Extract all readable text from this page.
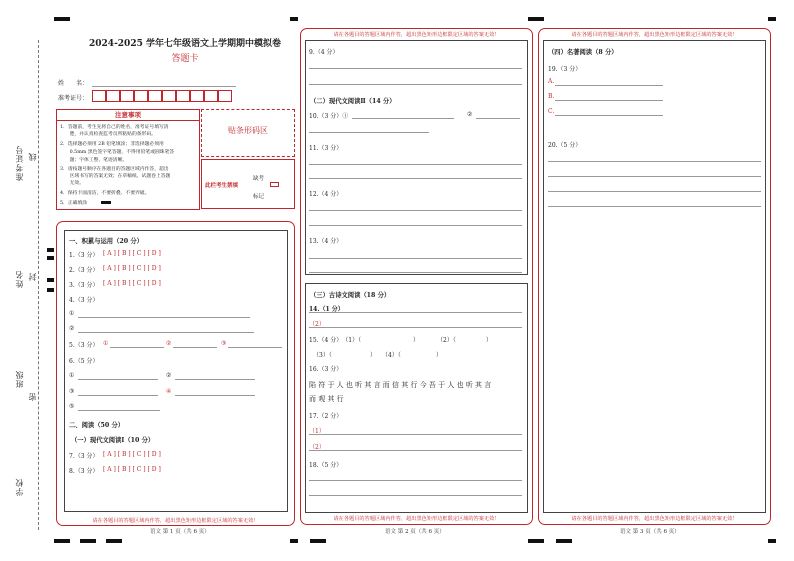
准考证号 线
姓名 封
班级
密
学校
2024-2025 学年七年级语文上学期期中模拟卷
答题卡
姓　　名：
准考证号：
注意事项
1．答题前，考生先将自己的姓名，准考证号填写清
　　楚，并认真检查监考员所粘贴的条形码。
2．选择题必须用 2B 铅笔填涂；非选择题必须用
　　0.5mm 黑色签字笔答题，不得用铅笔或圆珠笔答
　　题；字体工整、笔迹清晰。
3．请按题号顺序在各题目的答题区域内作答，超出
　　区域书写的答案无效；在草稿纸、试题卷上答题
　　无效。
4．保持卡面清洁，不要折叠、不要弄破。
5．正确填涂
贴条形码区
此栏考生禁填
缺考
标记
请在各题目的答题区域内作答，超出黑色矩形边框限定区域的答案无效！
语文 第 1 页（共 6 页）
一、积累与运用（20 分）
1.（3 分） [ A ] [ B ] [ C ] [ D ]
2.（3 分） [ A ] [ B ] [ C ] [ D ]
3.（3 分） [ A ] [ B ] [ C ] [ D ]
4.（3 分）
①
②
5.（3 分） ①	②	③
6.（5 分）
①	②
③	④
⑤
二、阅读（50 分）
（一）现代文阅读Ⅰ（10 分）
7.（3 分） [ A ] [ B ] [ C ] [ D ]
8.（3 分） [ A ] [ B ] [ C ] [ D ]
请在各题目的答题区域内作答，超出黑色矩形边框限定区域的答案无效！
请在各题目的答题区域内作答，超出黑色矩形边框限定区域的答案无效！
语文 第 2 页（共 6 页）
9.（4 分）
（二）现代文阅读Ⅱ（14 分）
10.（3 分）①	②
11.（3 分）
12.（4 分）
13.（4 分）
（三）古诗文阅读（18 分）
14.（1 分）
（2）
15.（4 分）　（1）（	）　　　　（2）（	）
（3）（	）　　（4）（	）
16.（3 分）
陷 符 于 人 也 听 其 言 而 信 其 行 今 吾 于 人 也 听 其 言
而 观 其 行
17.（2 分）
（1）
（2）
18.（5 分）
请在各题目的答题区域内作答，超出黑色矩形边框限定区域的答案无效！
请在各题目的答题区域内作答，超出黑色矩形边框限定区域的答案无效！
语文 第 3 页（共 6 页）
（四）名著阅读（8 分）
19.（3 分）
A.
B.
C.
20.（5 分）
